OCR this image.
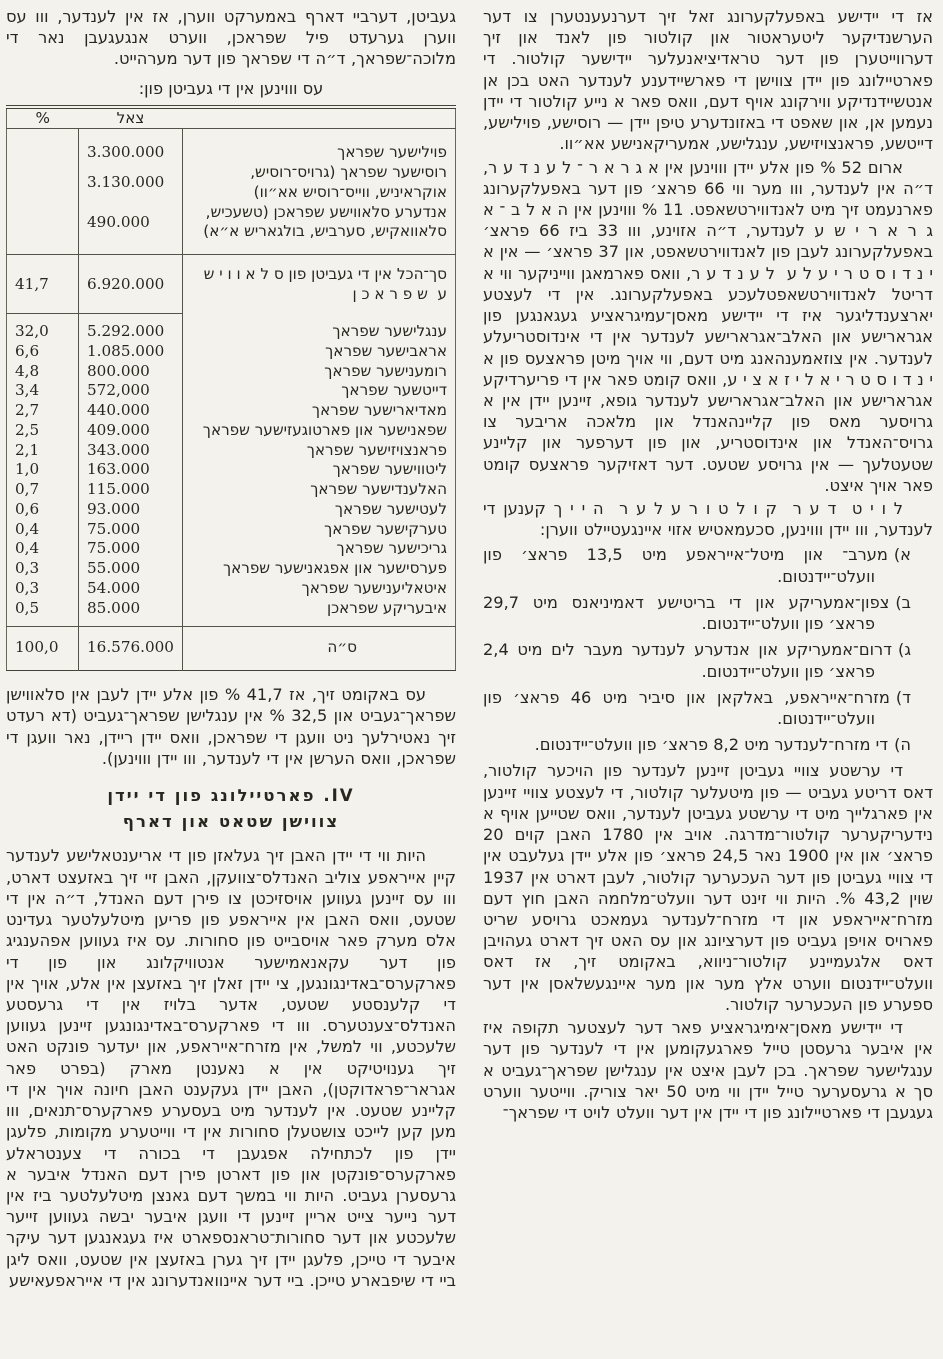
אז די יידישע באפעלקערונג זאל זיך דערנעענטערן צו דער הערשנדיקער ליטעראטור און קולטור פון לאנד און זיך דערווייטערן פון דער טראדיציאנעלער יידישער קולטור. די פארטיילונג פון יידן צווישן די פארשיידענע לענדער האט בכן אן אנטשיידנדיקע ווירקונג אויף דעם, וואס פאר א נייע קולטור די יידן נעמען אן, און שאפט די באזונדערע טיפן יידן — רוסישע, פוילישע, דייטשע, פראנצויזישע, ענגלישע, אמעריקאנישע אא״וו.

ארום 52 % פון אלע יידן וווינען אין א ג ר א ר ־ ל ע נ ד ע ר, ד״ה אין לענדער, ווו מער ווי 66 פראצ׳ פון דער באפעלקערונג פארנעמט זיך מיט לאנדווירטשאפט. 11 % וווינען אין ה א ל ב ־ א ג ר א ר י ש ע לענדער, ד״ה אזוינע, ווו 33 ביז 66 פראצ׳ באפעלקערונג לעבן פון לאנדווירטשאפט, און 37 פראצ׳ — אין א י נ ד ו ס ט ר י ע ל ע  ל ע נ ד ע ר, וואס פארמאגן ווייניקער ווי א דריטל לאנדווירטשאפטלעכע באפעלקערונג. אין די לעצטע יארצענדליגער איז די יידישע מאסן־עמיגראציע געגאנגען פון אגרארישע און האלב־אגרארישע לענדער אין די אינדוסטריעלע לענדער. אין צוזאמענהאנג מיט דעם, ווי אויך מיטן פראצעס פון א י נ ד ו ס ט ר י א ל י ז א צ י ע, וואס קומט פאר אין די פריערדיקע אגרארישע און האלב־אגרארישע לענדער גופא, זיינען יידן אין א גרויסער מאס פון קליינהאנדל און מלאכה אריבער צו גרויס־האנדל און אינדוסטריע, און פון דערפער און קליינע שטעטלעך — אין גרויסע שטעט. דער דאזיקער פראצעס קומט פאר אויך איצט.

ל ו י ט  ד ע ר  ק ו ל ט ו ר ע ל ע ר  ה י י ך קענען די לענדער, ווו יידן וווינען, סכעמאטיש אזוי איינגעטיילט ווערן:

א)מערב־ און מיטל־אייראפע מיט 13,5 פראצ׳ פון וועלט־יידנטום.
ב)צפון־אמעריקע און די בריטישע דאמיניאנס מיט 29,7 פראצ׳ פון וועלט־יידנטום.
ג)דרום־אמעריקע און אנדערע לענדער מעבר לים מיט 2,4 פראצ׳ פון וועלט־יידנטום.
ד)מזרח־אייראפע, באלקאן און סיביר מיט 46 פראצ׳ פון וועלט־יידנטום.
ה)די מזרח־לענדער מיט 8,2 פראצ׳ פון וועלט־יידנטום.

די ערשטע צוויי געביטן זיינען לענדער פון הויכער קולטור, דאס דריטע געביט — פון מיטעלער קולטור, די לעצטע צוויי זיינען אין פארגלייך מיט די ערשטע געביטן לענדער, וואס שטייען אויף א נידעריקערער קולטור־מדרגה. אויב אין 1780 האבן קוים 20 פראצ׳ און אין 1900 נאר 24,5 פראצ׳ פון אלע יידן געלעבט אין די צוויי געביטן פון דער העכערער קולטור, לעבן דארט אין 1937 שוין 43,2 %. היות ווי זינט דער וועלט־מלחמה האבן חוץ דעם מזרח־אייראפע און די מזרח־לענדער געמאכט גרויסע שריט פארויס אויפן געביט פון דערציונג און עס האט זיך דארט געהויבן דאס אלגעמיינע קולטור־ניווא, באקומט זיך, אז דאס וועלט־יידנטום ווערט אלץ מער און מער איינגעשלאסן אין דער ספערע פון העכערער קולטור.

די יידישע מאסן־אימיגראציע פאר דער לעצטער תקופה איז אין איבער גרעסטן טייל פארגעקומען אין די לענדער פון דער ענגלישער שפראך. בכן לעבן איצט אין ענגלישן שפראך־געביט א סך א גרעסערער טייל יידן ווי מיט 50 יאר צוריק. ווייטער ווערט געגעבן די פארטיילונג פון די יידן אין דער וועלט לויט די שפראך־

געביטן, דערביי דארף באמערקט ווערן, אז אין לענדער, ווו עס ווערן גערעדט פיל שפראכן, ווערט אנגעגעבן נאר די מלוכה־שפראך, ד״ה די שפראך פון דער מערהייט.

עס וווינען אין די געביטן פון:

	צאל	%
פוילישער שפראך	3.300.000	
רוסישער שפראך (גרויס־רוסיש, אוקראיניש, ווייס־רוסיש אא״וו)	3.130.000	
אנדערע סלאווישע שפראכן (טשעכיש, סלאוואקיש, סערביש, בולגאריש א״א)	490.000	
סך־הכל אין די געביטן פון ס ל א ו ו י ש ע  ש פ ר א כ ן	6.920.000	41,7
ענגלישער שפראך	5.292.000	32,0
אראבישער שפראך	1.085.000	6,6
רומענישער שפראך	800.000	4,8
דייטשער שפראך	572,000	3,4
מאדיארישער שפראך	440.000	2,7
שפאנישער און פארטוגעזישער שפראך	409.000	2,5
פראנצויזישער שפראך	343.000	2,1
ליטווישער שפראך	163.000	1,0
האלענדישער שפראך	115.000	0,7
לעטישער שפראך	93.000	0,6
טערקישער שפראך	75.000	0,4
גריכישער שפראך	75.000	0,4
פערסישער און אפגאנישער שפראך	55.000	0,3
איטאליענישער שפראך	54.000	0,3
איבעריקע שפראכן	85.000	0,5
ס״ה	16.576.000	100,0

עס באקומט זיך, אז 41,7 % פון אלע יידן לעבן אין סלאווישן שפראך־געביט און 32,5 % אין ענגלישן שפראך־געביט (דא רעדט זיך נאטירלעך ניט וועגן די שפראכן, וואס יידן ריידן, נאר וועגן די שפראכן, וואס הערשן אין די לענדער, ווו יידן וווינען).

IV. פארטיילונג פון די יידן
צווישן שטאט און דארף

היות ווי די יידן האבן זיך געלאזן פון די אריענטאלישע לענדער קיין אייראפע צוליב האנדלס־צוועקן, האבן זיי זיך באזעצט דארט, ווו עס זיינען געווען אויסזיכטן צו פירן דעם האנדל, ד״ה אין די שטעט, וואס האבן אין אייראפע פון פריען מיטלעלטער געדינט אלס מערק פאר אויסבייט פון סחורות. עס איז געווען אפהענגיג פון דער עקאנאמישער אנטוויקלונג און פון די פארקערס־באדינגונגען, צי יידן זאלן זיך באזעצן אין אלע, אויך אין די קלענסטע שטעט, אדער בלויז אין די גרעסטע האנדלס־צענטערס. ווו די פארקערס־באדינגונגען זיינען געווען שלעכטע, ווי למשל, אין מזרח־אייראפע, און יעדער פונקט האט זיך גענויטיקט אין א נאענטן מארק (בפרט פאר אגראר־פראדוקטן), האבן יידן געקענט האבן חיונה אויך אין די קליינע שטעט. אין לענדער מיט בעסערע פארקערס־תנאים, ווו מען קען לייכט צושטעלן סחורות אין די ווייטערע מקומות, פלעגן יידן פון לכתחילה אפגעבן די בכורה די צענטראלע פארקערס־פונקטן און פון דארטן פירן דעם האנדל איבער א גרעסערן געביט. היות ווי במשך דעם גאנצן מיטלעלטער ביז אין דער נייער צייט אריין זיינען די וועגן איבער יבשה געווען זייער שלעכטע און דער סחורות־טראנספארט איז געגאנגען דער עיקר איבער די טייכן, פלעגן יידן זיך גערן באזעצן אין שטעט, וואס ליגן ביי די שיפבארע טייכן. ביי דער איינוואנדערונג אין די אייראפעאישע
